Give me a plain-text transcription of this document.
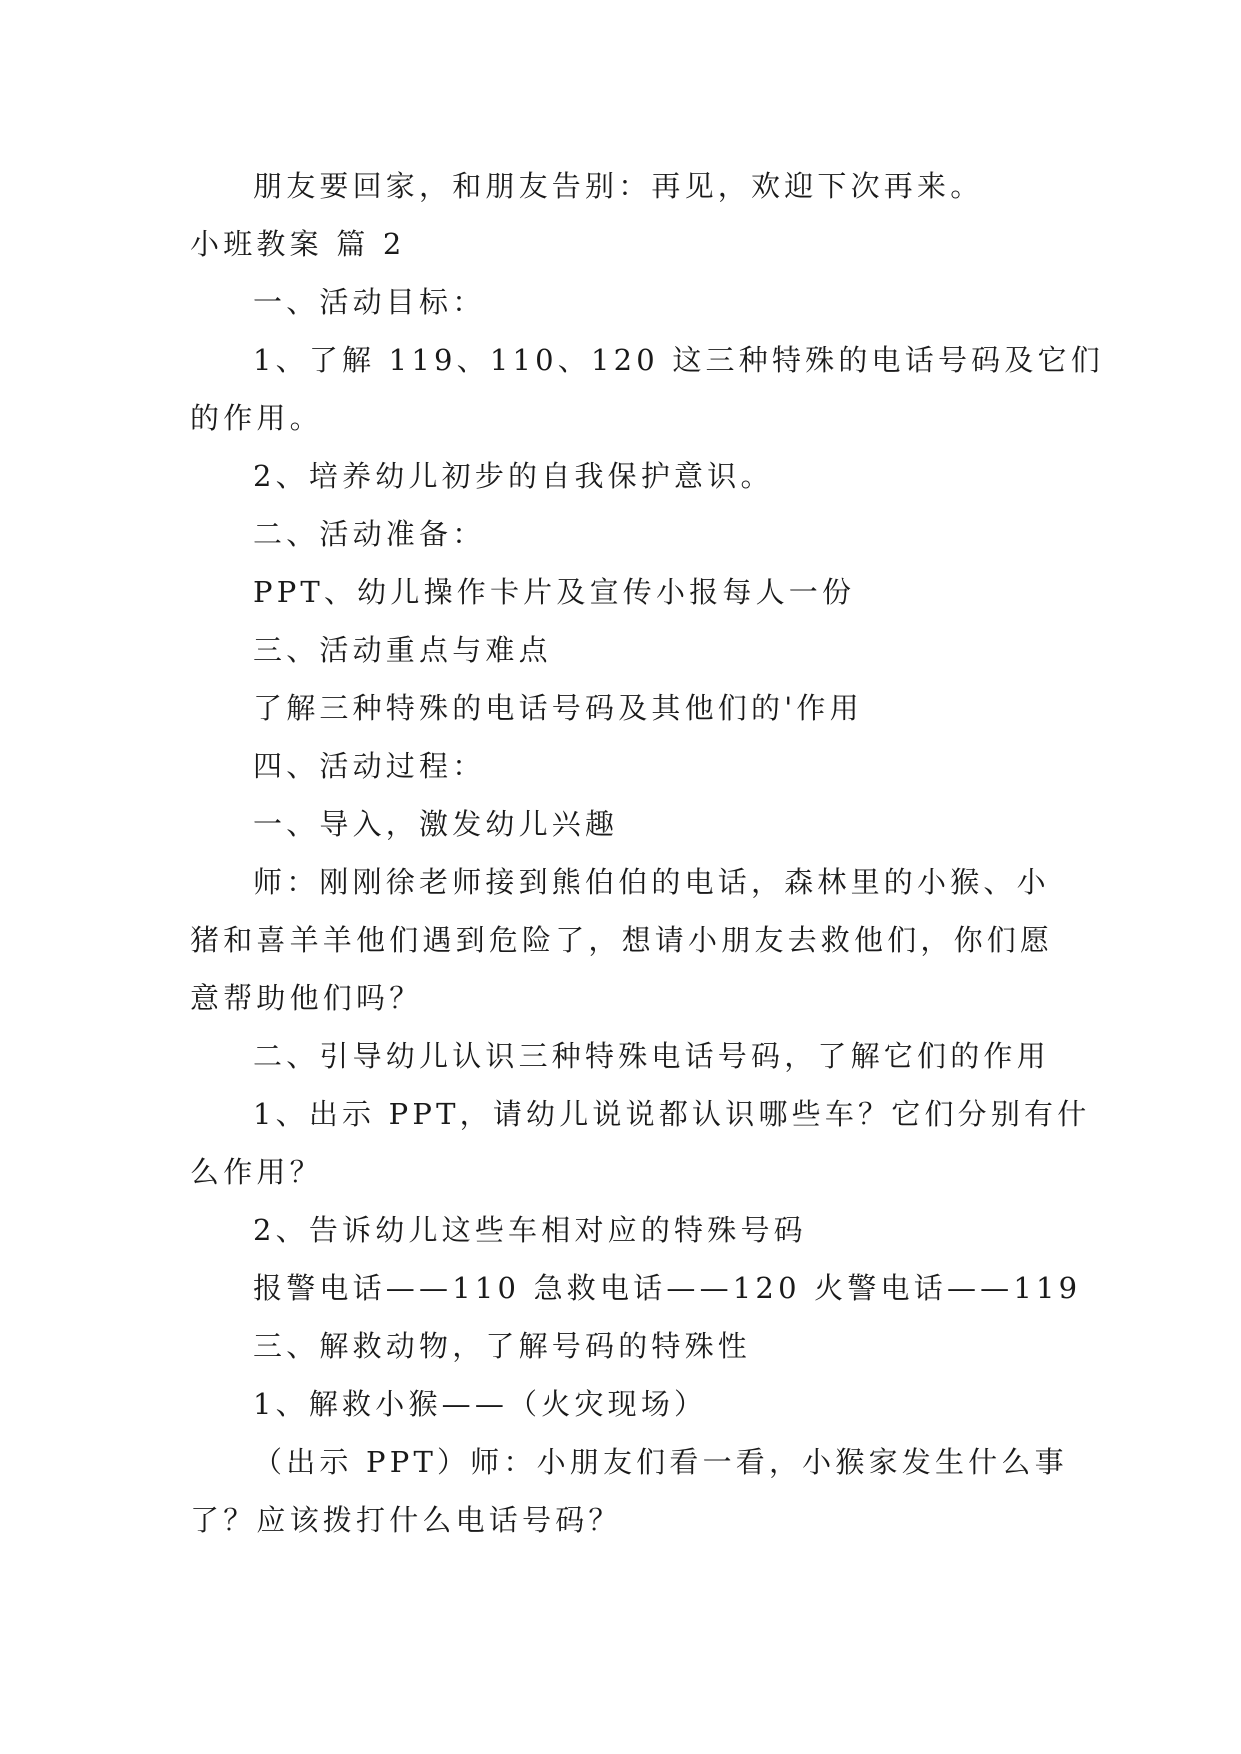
朋友要回家，和朋友告别：再见，欢迎下次再来。
小班教案 篇 2
一、活动目标：
1、了解 119、110、120 这三种特殊的电话号码及它们
的作用。
2、培养幼儿初步的自我保护意识。
二、活动准备：
PPT、幼儿操作卡片及宣传小报每人一份
三、活动重点与难点
了解三种特殊的电话号码及其他们的'作用
四、活动过程：
一、导入，激发幼儿兴趣
师：刚刚徐老师接到熊伯伯的电话，森林里的小猴、小
猪和喜羊羊他们遇到危险了，想请小朋友去救他们，你们愿
意帮助他们吗？
二、引导幼儿认识三种特殊电话号码，了解它们的作用
1、出示 PPT，请幼儿说说都认识哪些车？它们分别有什
么作用？
2、告诉幼儿这些车相对应的特殊号码
报警电话——110 急救电话——120 火警电话——119
三、解救动物，了解号码的特殊性
1、解救小猴——（火灾现场）
（出示 PPT）师：小朋友们看一看，小猴家发生什么事
了？应该拨打什么电话号码？
